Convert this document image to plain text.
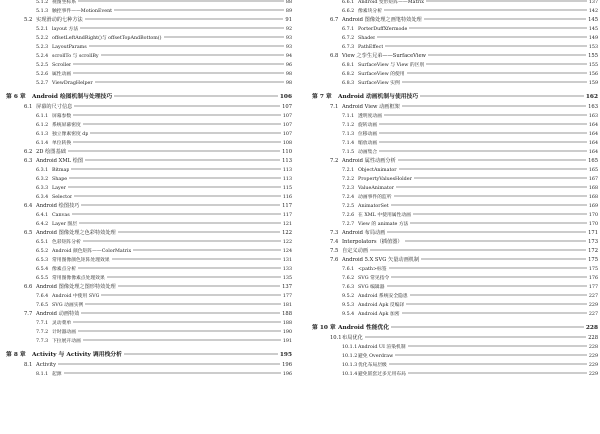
5.1.2 视图坐标系	88
5.1.3 触控事件——MotionEvent	89
5.2 实现滑动的七种方法	91
5.2.1 layout 方法	92
5.2.2 offsetLeftAndRight()与 offsetTopAndBottom()	93
5.2.3 LayoutParams	93
5.2.4 scrollTo 与 scrollBy	94
5.2.5 Scroller	96
5.2.6 属性动画	98
5.2.7 ViewDragHelper	98
第 6 章	Android 绘图机制与处理技巧	106
6.1 屏幕的尺寸信息	107
6.1.1 屏幕参数	107
6.1.2 系统屏幕密度	107
6.1.3 独立像素密度 dp	107
6.1.4 单位转换	108
6.2 2D 绘图基础	110
6.3 Android XML 绘图	113
6.3.1 Bitmap	113
6.3.2 Shape	113
6.3.3 Layer	115
6.3.4 Selector	116
6.4 Android 绘图技巧	117
6.4.1 Canvas	117
6.4.2 Layer 图层	121
6.5 Android 图像处理之色彩特效处理	122
6.5.1 色彩矩阵分析	122
6.5.2 Android 颜色矩阵——ColorMatrix	124
6.5.3 常用图像颜色矩阵处理效果	131
6.5.4 像素点分析	133
6.5.5 常用图像像素点处理效果	135
6.6 Android 图像处理之图形特效处理	137
7.6.4 Android 中使用 SVG	177
7.6.5 SVG 动画实例	181
7.7 Android 动画特效	188
7.7.1 灵动菜单	188
7.7.2 计时器动画	190
7.7.3 下拉展开动画	191
第 8 章	Activity 与 Activity 调用栈分析	195
8.1 Activity	196
8.1.1 起源	196
6.6.1 Android 变形矩阵——Matrix	137
6.6.2 像素块分析	142
6.7 Android 图像处理之画笔特效处理	145
6.7.1 PorterDuffXfermode	145
6.7.2 Shader	149
6.7.3 PathEffect	153
6.8 View 之孪生兄弟——SurfaceView	155
6.8.1 SurfaceView 与 View 的区别	155
6.8.2 SurfaceView 的使用	156
6.8.3 SurfaceView 实例	159
第 7 章	Android 动画机制与使用技巧	162
7.1 Android View 动画框架	163
7.1.1 透明度动画	163
7.1.2 旋转动画	164
7.1.3 位移动画	164
7.1.4 缩放动画	164
7.1.5 动画集合	164
7.2 Android 属性动画分析	165
7.2.1 ObjectAnimator	165
7.2.2 PropertyValuesHolder	167
7.2.3 ValueAnimator	168
7.2.4 动画事件的监听	168
7.2.5 AnimatorSet	169
7.2.6 在 XML 中使用属性动画	170
7.2.7 View 的 animate 方法	170
7.3 Android 布局动画	171
7.4 Interpolators（插值器）	173
7.5 自定义动画	172
7.6 Android 5.X SVG 矢量动画机制	175
7.6.1 <path>标签	175
7.6.2 SVG 常见指令	176
7.6.3 SVG 编辑器	177
9.5.2 Android 系统安全隐患	227
9.5.3 Android Apk 反编译	229
9.5.4 Android Apk 加密	227
第 10 章 Android 性能优化	228
10.1 布局优化	228
10.1.1 Android UI 渲染机制	228
10.1.2 避免 Overdraw	229
10.1.3 优化布局层级	229
10.1.4 避免嵌套过多无用布局	229
